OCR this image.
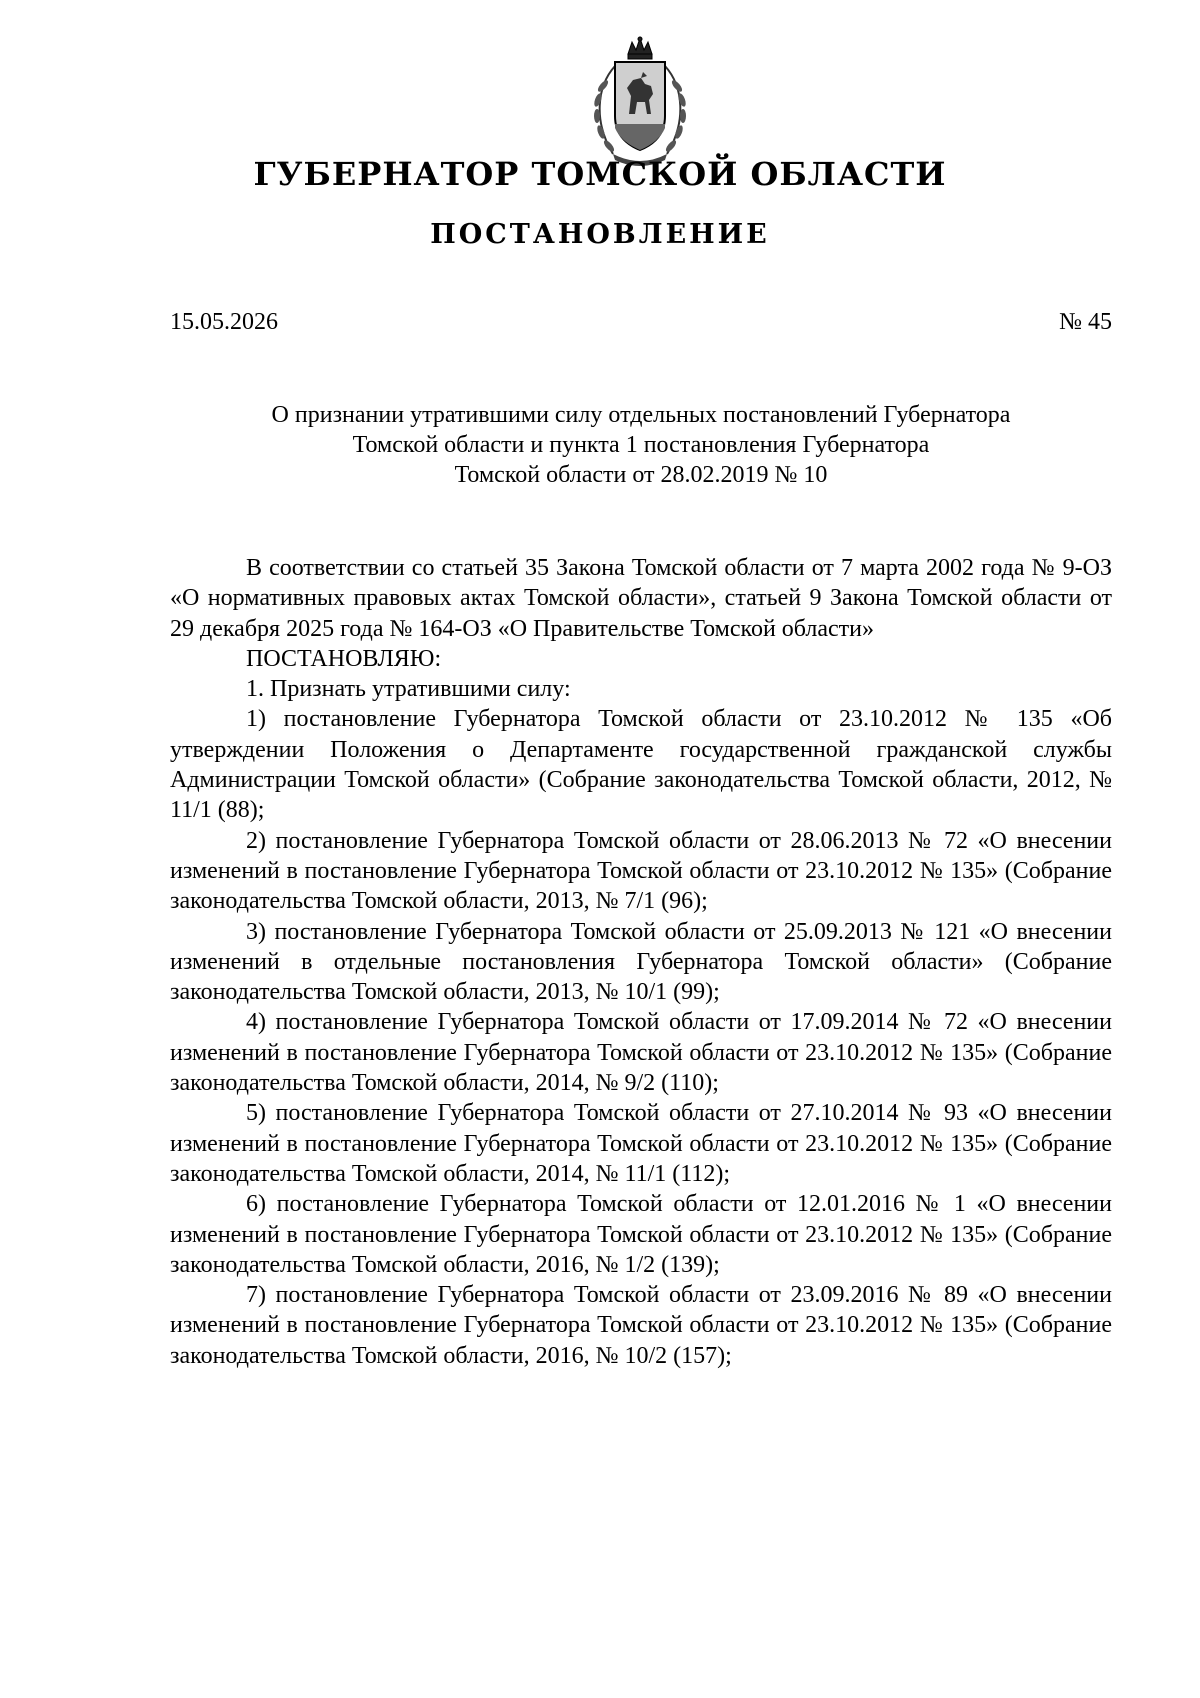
ГУБЕРНАТОР ТОМСКОЙ ОБЛАСТИ
ПОСТАНОВЛЕНИЕ
15.05.2026	№ 45
О признании утратившими силу отдельных постановлений Губернатора
Томской области и пункта 1 постановления Губернатора
Томской области от 28.02.2019 № 10

В соответствии со статьей 35 Закона Томской области от 7 марта 2002 года № 9-ОЗ «О нормативных правовых актах Томской области», статьей 9 Закона Томской области от 29 декабря 2025 года № 164-ОЗ «О Правительстве Томской области»

ПОСТАНОВЛЯЮ:

1. Признать утратившими силу:

1) постановление Губернатора Томской области от 23.10.2012 № 135 «Об утверждении Положения о Департаменте государственной гражданской службы Администрации Томской области» (Собрание законодательства Томской области, 2012, № 11/1 (88);

2) постановление Губернатора Томской области от 28.06.2013 № 72 «О внесении изменений в постановление Губернатора Томской области от 23.10.2012 № 135» (Собрание законодательства Томской области, 2013, № 7/1 (96);

3) постановление Губернатора Томской области от 25.09.2013 № 121 «О внесении изменений в отдельные постановления Губернатора Томской области» (Собрание законодательства Томской области, 2013, № 10/1 (99);

4) постановление Губернатора Томской области от 17.09.2014 № 72 «О внесении изменений в постановление Губернатора Томской области от 23.10.2012 № 135» (Собрание законодательства Томской области, 2014, № 9/2 (110);

5) постановление Губернатора Томской области от 27.10.2014 № 93 «О внесении изменений в постановление Губернатора Томской области от 23.10.2012 № 135» (Собрание законодательства Томской области, 2014, № 11/1 (112);

6) постановление Губернатора Томской области от 12.01.2016 № 1 «О внесении изменений в постановление Губернатора Томской области от 23.10.2012 № 135» (Собрание законодательства Томской области, 2016, № 1/2 (139);

7) постановление Губернатора Томской области от 23.09.2016 № 89 «О внесении изменений в постановление Губернатора Томской области от 23.10.2012 № 135» (Собрание законодательства Томской области, 2016, № 10/2 (157);
